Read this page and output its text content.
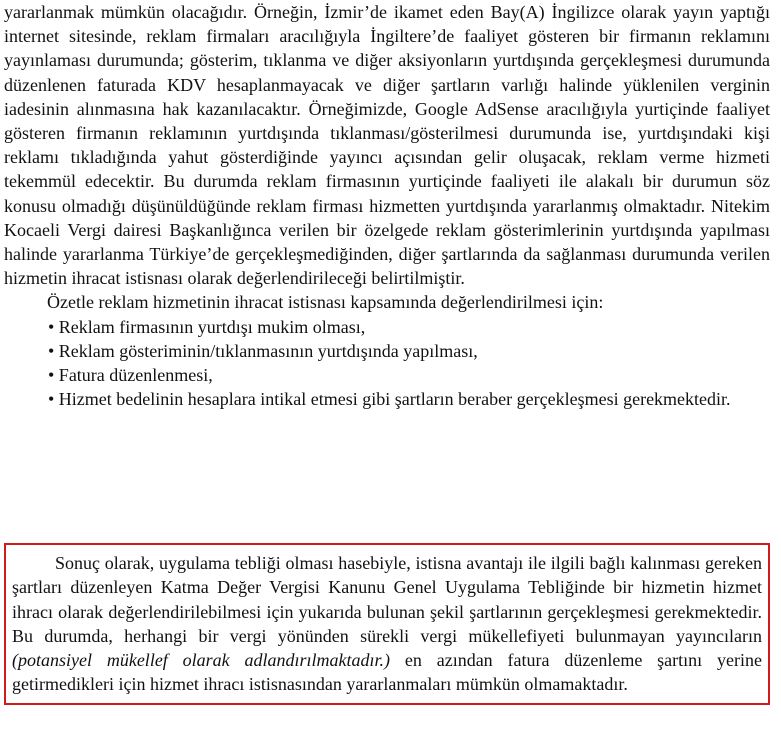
yararlanmak mümkün olacağıdır. Örneğin, İzmir’de ikamet eden Bay(A) İngilizce olarak yayın yaptığı internet sitesinde, reklam firmaları aracılığıyla İngiltere’de faaliyet gösteren bir firmanın reklamını yayınlaması durumunda; gösterim, tıklanma ve diğer aksiyonların yurtdışında gerçekleşmesi durumunda düzenlenen faturada KDV hesaplanmayacak ve diğer şartların varlığı halinde yüklenilen verginin iadesinin alınmasına hak kazanılacaktır. Örneğimizde, Google AdSense aracılığıyla yurtiçinde faaliyet gösteren firmanın reklamının yurtdışında tıklanması/gösterilmesi durumunda ise, yurtdışındaki kişi reklamı tıkladığında yahut gösterdiğinde yayıncı açısından gelir oluşacak, reklam verme hizmeti tekemmül edecektir. Bu durumda reklam firmasının yurtiçinde faaliyeti ile alakalı bir durumun söz konusu olmadığı düşünüldüğünde reklam firması hizmetten yurtdışında yararlanmış olmaktadır. Nitekim Kocaeli Vergi dairesi Başkanlığınca verilen bir özelgede reklam gösterimlerinin yurtdışında yapılması halinde yararlanma Türkiye’de gerçekleşmediğinden, diğer şartlarında da sağlanması durumunda verilen hizmetin ihracat istisnası olarak değerlendirileceği belirtilmiştir.

Özetle reklam hizmetinin ihracat istisnası kapsamında değerlendirilmesi için:

• Reklam firmasının yurtdışı mukim olması,
• Reklam gösteriminin/tıklanmasının yurtdışında yapılması,
• Fatura düzenlenmesi,
• Hizmet bedelinin hesaplara intikal etmesi gibi şartların beraber gerçekleşmesi gerekmektedir.

Sonuç olarak, uygulama tebliği olması hasebiyle, istisna avantajı ile ilgili bağlı kalınması gereken şartları düzenleyen Katma Değer Vergisi Kanunu Genel Uygulama Tebliğinde bir hizmetin hizmet ihracı olarak değerlendirilebilmesi için yukarıda bulunan şekil şartlarının gerçekleşmesi gerekmektedir. Bu durumda, herhangi bir vergi yönünden sürekli vergi mükellefiyeti bulunmayan yayıncıların (potansiyel mükellef olarak adlandırılmaktadır.) en azından fatura düzenleme şartını yerine getirmedikleri için hizmet ihracı istisnasından yararlanmaları mümkün olmamaktadır.
